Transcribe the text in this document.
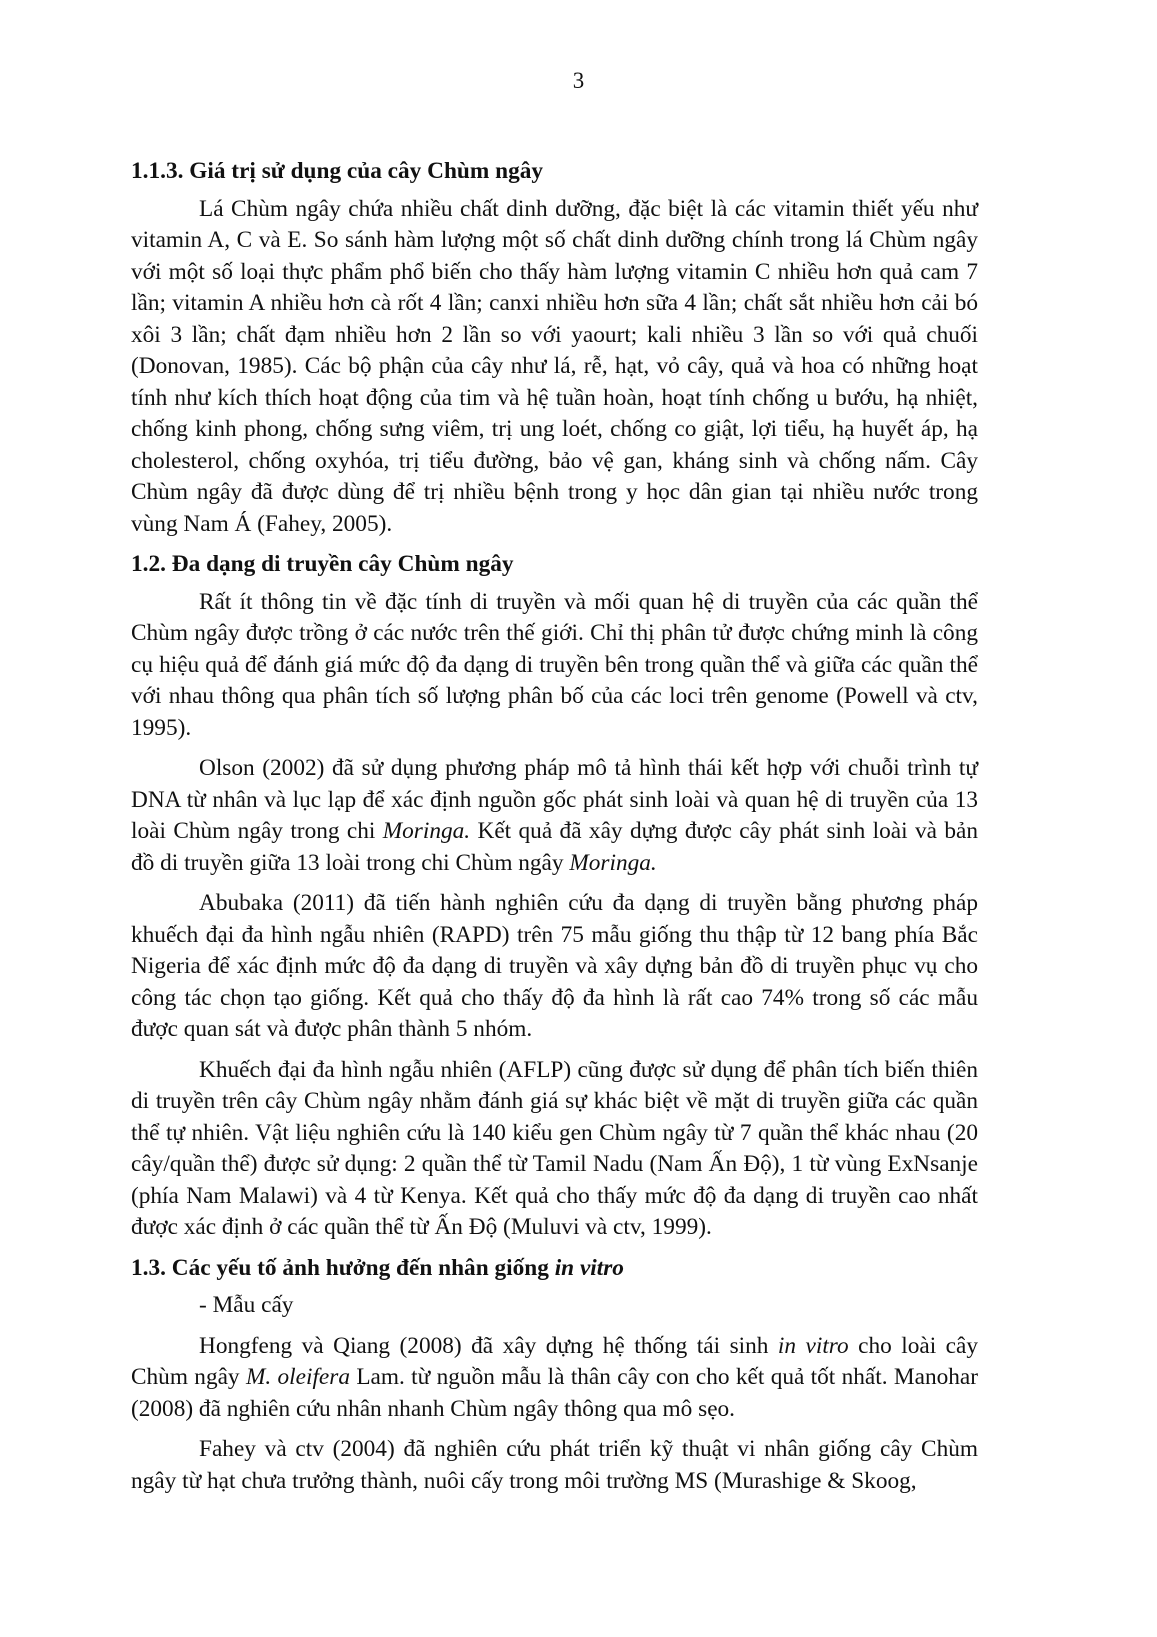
3
1.1.3. Giá trị sử dụng của cây Chùm ngây

Lá Chùm ngây chứa nhiều chất dinh dưỡng, đặc biệt là các vitamin thiết yếu như vitamin A, C và E. So sánh hàm lượng một số chất dinh dưỡng chính trong lá Chùm ngây với một số loại thực phẩm phổ biến cho thấy hàm lượng vitamin C nhiều hơn quả cam 7 lần; vitamin A nhiều hơn cà rốt 4 lần; canxi nhiều hơn sữa 4 lần; chất sắt nhiều hơn cải bó xôi 3 lần; chất đạm nhiều hơn 2 lần so với yaourt; kali nhiều 3 lần so với quả chuối (Donovan, 1985). Các bộ phận của cây như lá, rễ, hạt, vỏ cây, quả và hoa có những hoạt tính như kích thích hoạt động của tim và hệ tuần hoàn, hoạt tính chống u bướu, hạ nhiệt, chống kinh phong, chống sưng viêm, trị ung loét, chống co giật, lợi tiểu, hạ huyết áp, hạ cholesterol, chống oxyhóa, trị tiểu đường, bảo vệ gan, kháng sinh và chống nấm. Cây Chùm ngây đã được dùng để trị nhiều bệnh trong y học dân gian tại nhiều nước trong vùng Nam Á (Fahey, 2005).

1.2. Đa dạng di truyền cây Chùm ngây

Rất ít thông tin về đặc tính di truyền và mối quan hệ di truyền của các quần thể Chùm ngây được trồng ở các nước trên thế giới. Chỉ thị phân tử được chứng minh là công cụ hiệu quả để đánh giá mức độ đa dạng di truyền bên trong quần thể và giữa các quần thể với nhau thông qua phân tích số lượng phân bố của các loci trên genome (Powell và ctv, 1995).

Olson (2002) đã sử dụng phương pháp mô tả hình thái kết hợp với chuỗi trình tự DNA từ nhân và lục lạp để xác định nguồn gốc phát sinh loài và quan hệ di truyền của 13 loài Chùm ngây trong chi Moringa. Kết quả đã xây dựng được cây phát sinh loài và bản đồ di truyền giữa 13 loài trong chi Chùm ngây Moringa.

Abubaka (2011) đã tiến hành nghiên cứu đa dạng di truyền bằng phương pháp khuếch đại đa hình ngẫu nhiên (RAPD) trên 75 mẫu giống thu thập từ 12 bang phía Bắc Nigeria để xác định mức độ đa dạng di truyền và xây dựng bản đồ di truyền phục vụ cho công tác chọn tạo giống. Kết quả cho thấy độ đa hình là rất cao 74% trong số các mẫu được quan sát và được phân thành 5 nhóm.

Khuếch đại đa hình ngẫu nhiên (AFLP) cũng được sử dụng để phân tích biến thiên di truyền trên cây Chùm ngây nhằm đánh giá sự khác biệt về mặt di truyền giữa các quần thể tự nhiên. Vật liệu nghiên cứu là 140 kiểu gen Chùm ngây từ 7 quần thể khác nhau (20 cây/quần thể) được sử dụng: 2 quần thể từ Tamil Nadu (Nam Ấn Độ), 1 từ vùng ExNsanje (phía Nam Malawi) và 4 từ Kenya. Kết quả cho thấy mức độ đa dạng di truyền cao nhất được xác định ở các quần thể từ Ấn Độ (Muluvi và ctv, 1999).

1.3. Các yếu tố ảnh hưởng đến nhân giống in vitro

- Mẫu cấy

Hongfeng và Qiang (2008) đã xây dựng hệ thống tái sinh in vitro cho loài cây Chùm ngây M. oleifera Lam. từ nguồn mẫu là thân cây con cho kết quả tốt nhất. Manohar (2008) đã nghiên cứu nhân nhanh Chùm ngây thông qua mô sẹo.

Fahey và ctv (2004) đã nghiên cứu phát triển kỹ thuật vi nhân giống cây Chùm ngây từ hạt chưa trưởng thành, nuôi cấy trong môi trường MS (Murashige & Skoog,
